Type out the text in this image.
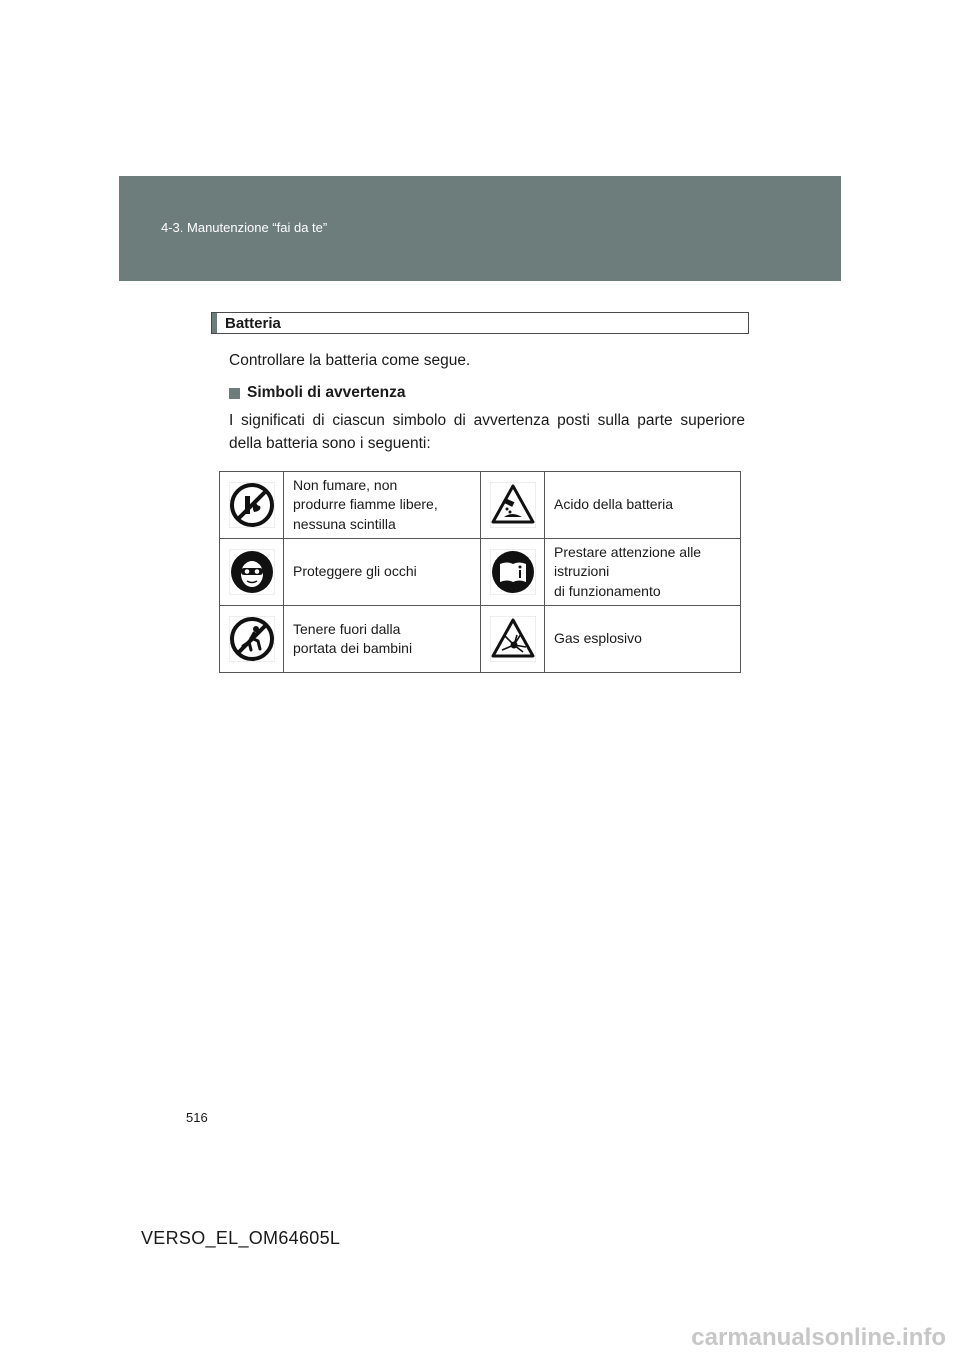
4-3. Manutenzione “fai da te”
Batteria
Controllare la batteria come segue.
Simboli di avvertenza
I significati di ciascun simbolo di avvertenza posti sulla parte superiore della batteria sono i seguenti:
	Non fumare, non
produrre fiamme libere,
nessuna scintilla		Acido della batteria

	Proteggere gli occhi		Prestare attenzione alle
istruzioni
di funzionamento

	Tenere fuori dalla
portata dei bambini		Gas esplosivo
516
VERSO_EL_OM64605L
carmanualsonline.info
